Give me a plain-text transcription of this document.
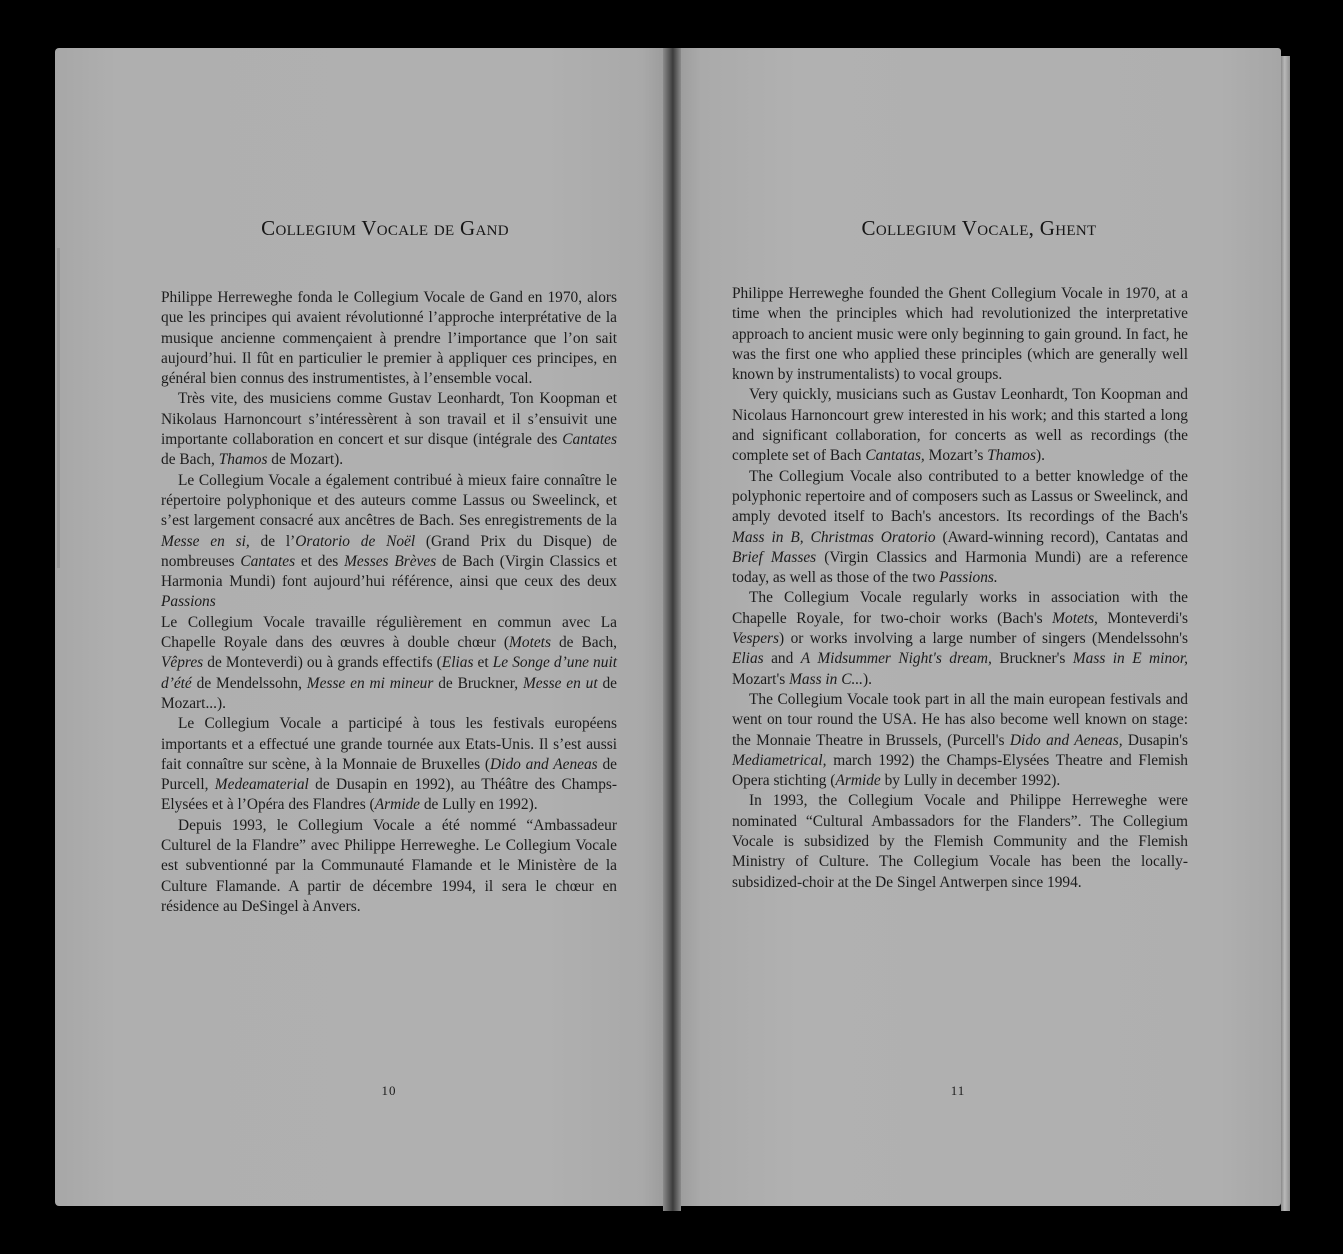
Collegium Vocale de Gand

Philippe Herreweghe fonda le Collegium Vocale de Gand en 1970, alors que les principes qui avaient révolutionné l’approche interprétative de la musique ancienne commençaient à prendre l’importance que l’on sait aujourd’hui. Il fût en particulier le premier à appliquer ces principes, en général bien connus des instrumentistes, à l’ensemble vocal.

Très vite, des musiciens comme Gustav Leonhardt, Ton Koopman et Nikolaus Harnoncourt s’intéressèrent à son travail et il s’ensuivit une importante collaboration en concert et sur disque (intégrale des Cantates de Bach, Thamos de Mozart).

Le Collegium Vocale a également contribué à mieux faire connaître le répertoire polyphonique et des auteurs comme Lassus ou Sweelinck, et s’est largement consacré aux ancêtres de Bach. Ses enregistrements de la Messe en si, de l’Oratorio de Noël (Grand Prix du Disque) de nombreuses Cantates et des Messes Brèves de Bach (Virgin Classics et Harmonia Mundi) font aujourd’hui référence, ainsi que ceux des deux Passions

Le Collegium Vocale travaille régulièrement en commun avec La Chapelle Royale dans des œuvres à double chœur (Motets de Bach, Vêpres de Monteverdi) ou à grands effectifs (Elias et Le Songe d’une nuit d’été de Mendelssohn, Messe en mi mineur de Bruckner, Messe en ut de Mozart...).

Le Collegium Vocale a participé à tous les festivals européens importants et a effectué une grande tournée aux Etats-Unis. Il s’est aussi fait connaître sur scène, à la Monnaie de Bruxelles (Dido and Aeneas de Purcell, Medeamaterial de Dusapin en 1992), au Théâtre des Champs-Elysées et à l’Opéra des Flandres (Armide de Lully en 1992).

Depuis 1993, le Collegium Vocale a été nommé “Ambassadeur Culturel de la Flandre” avec Philippe Herreweghe. Le Collegium Vocale est subventionné par la Communauté Flamande et le Ministère de la Culture Flamande. A partir de décembre 1994, il sera le chœur en résidence au DeSingel à Anvers.

10
Collegium Vocale, Ghent

Philippe Herreweghe founded the Ghent Collegium Vocale in 1970, at a time when the principles which had revolutionized the interpretative approach to ancient music were only beginning to gain ground. In fact, he was the first one who applied these principles (which are generally well known by instrumentalists) to vocal groups.

Very quickly, musicians such as Gustav Leonhardt, Ton Koopman and Nicolaus Harnoncourt grew interested in his work; and this started a long and significant collaboration, for concerts as well as recordings (the complete set of Bach Cantatas, Mozart’s Thamos).

The Collegium Vocale also contributed to a better knowledge of the polyphonic repertoire and of composers such as Lassus or Sweelinck, and amply devoted itself to Bach's ancestors. Its recordings of the Bach's Mass in B, Christmas Oratorio (Award-winning record), Cantatas and Brief Masses (Virgin Classics and Harmonia Mundi) are a reference today, as well as those of the two Passions.

The Collegium Vocale regularly works in association with the Chapelle Royale, for two-choir works (Bach's Motets, Monteverdi's Vespers) or works involving a large number of singers (Mendelssohn's Elias and A Midsummer Night's dream, Bruckner's Mass in E minor, Mozart's Mass in C...).

The Collegium Vocale took part in all the main european festivals and went on tour round the USA. He has also become well known on stage: the Monnaie Theatre in Brussels, (Purcell's Dido and Aeneas, Dusapin's Mediametrical, march 1992) the Champs-Elysées Theatre and Flemish Opera stichting (Armide by Lully in december 1992).

In 1993, the Collegium Vocale and Philippe Herreweghe were nominated “Cultural Ambassadors for the Flanders”. The Collegium Vocale is subsidized by the Flemish Community and the Flemish Ministry of Culture. The Collegium Vocale has been the locally-subsidized-choir at the De Singel Antwerpen since 1994.

11
